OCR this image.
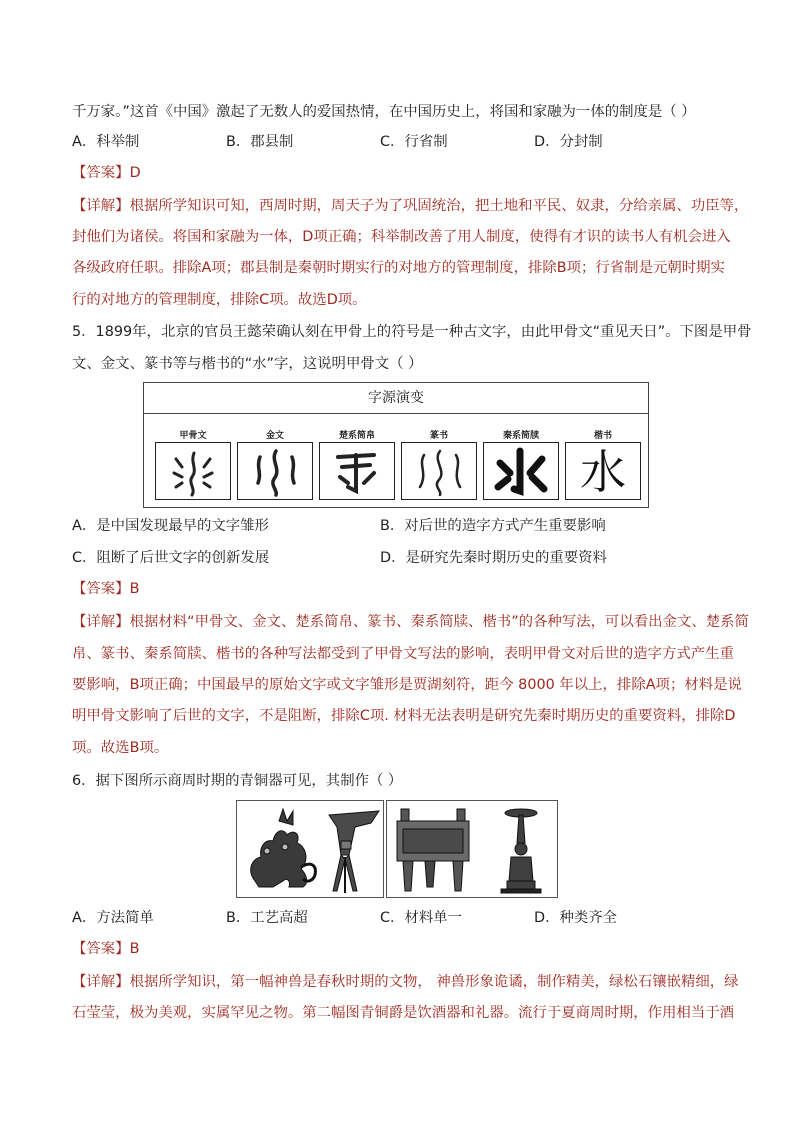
千万家。”这首《中国》激起了无数人的爱国热情，在中国历史上，将国和家融为一体的制度是（ ）
A．科举制	B．郡县制	C．行省制	D．分封制
【答案】D
【详解】根据所学知识可知，西周时期，周天子为了巩固统治，把土地和平民、奴隶，分给亲属、功臣等，
封他们为诸侯。将国和家融为一体，D项正确；科举制改善了用人制度，使得有才识的读书人有机会进入
各级政府任职。排除A项；郡县制是秦朝时期实行的对地方的管理制度，排除B项；行省制是元朝时期实
行的对地方的管理制度，排除C项。故选D项。
5．1899年，北京的官员王懿荣确认刻在甲骨上的符号是一种古文字，由此甲骨文“重见天日”。下图是甲骨
文、金文、篆书等与楷书的“水”字，这说明甲骨文（ ）
字源演变
甲骨文	金文	楚系简帛	篆书	秦系简牍	楷书
水
A．是中国发现最早的文字雏形	B．对后世的造字方式产生重要影响
C．阻断了后世文字的创新发展	D．是研究先秦时期历史的重要资料
【答案】B
【详解】根据材料“甲骨文、金文、楚系简帛、篆书、秦系简牍、楷书”的各种写法，可以看出金文、楚系简
帛、篆书、秦系简牍、楷书的各种写法都受到了甲骨文写法的影响，表明甲骨文对后世的造字方式产生重
要影响，B项正确；中国最早的原始文字或文字雏形是贾湖刻符，距今 8000 年以上，排除A项；材料是说
明甲骨文影响了后世的文字，不是阻断，排除C项. 材料无法表明是研究先秦时期历史的重要资料，排除D
项。故选B项。
6．据下图所示商周时期的青铜器可见，其制作（ ）
A．方法简单	B．工艺高超	C．材料单一	D．种类齐全
【答案】B
【详解】根据所学知识，第一幅神兽是春秋时期的文物， 神兽形象诡谲，制作精美，绿松石镶嵌精细，绿
石莹莹，极为美观，实属罕见之物。第二幅图青铜爵是饮酒器和礼器。流行于夏商周时期，作用相当于酒
